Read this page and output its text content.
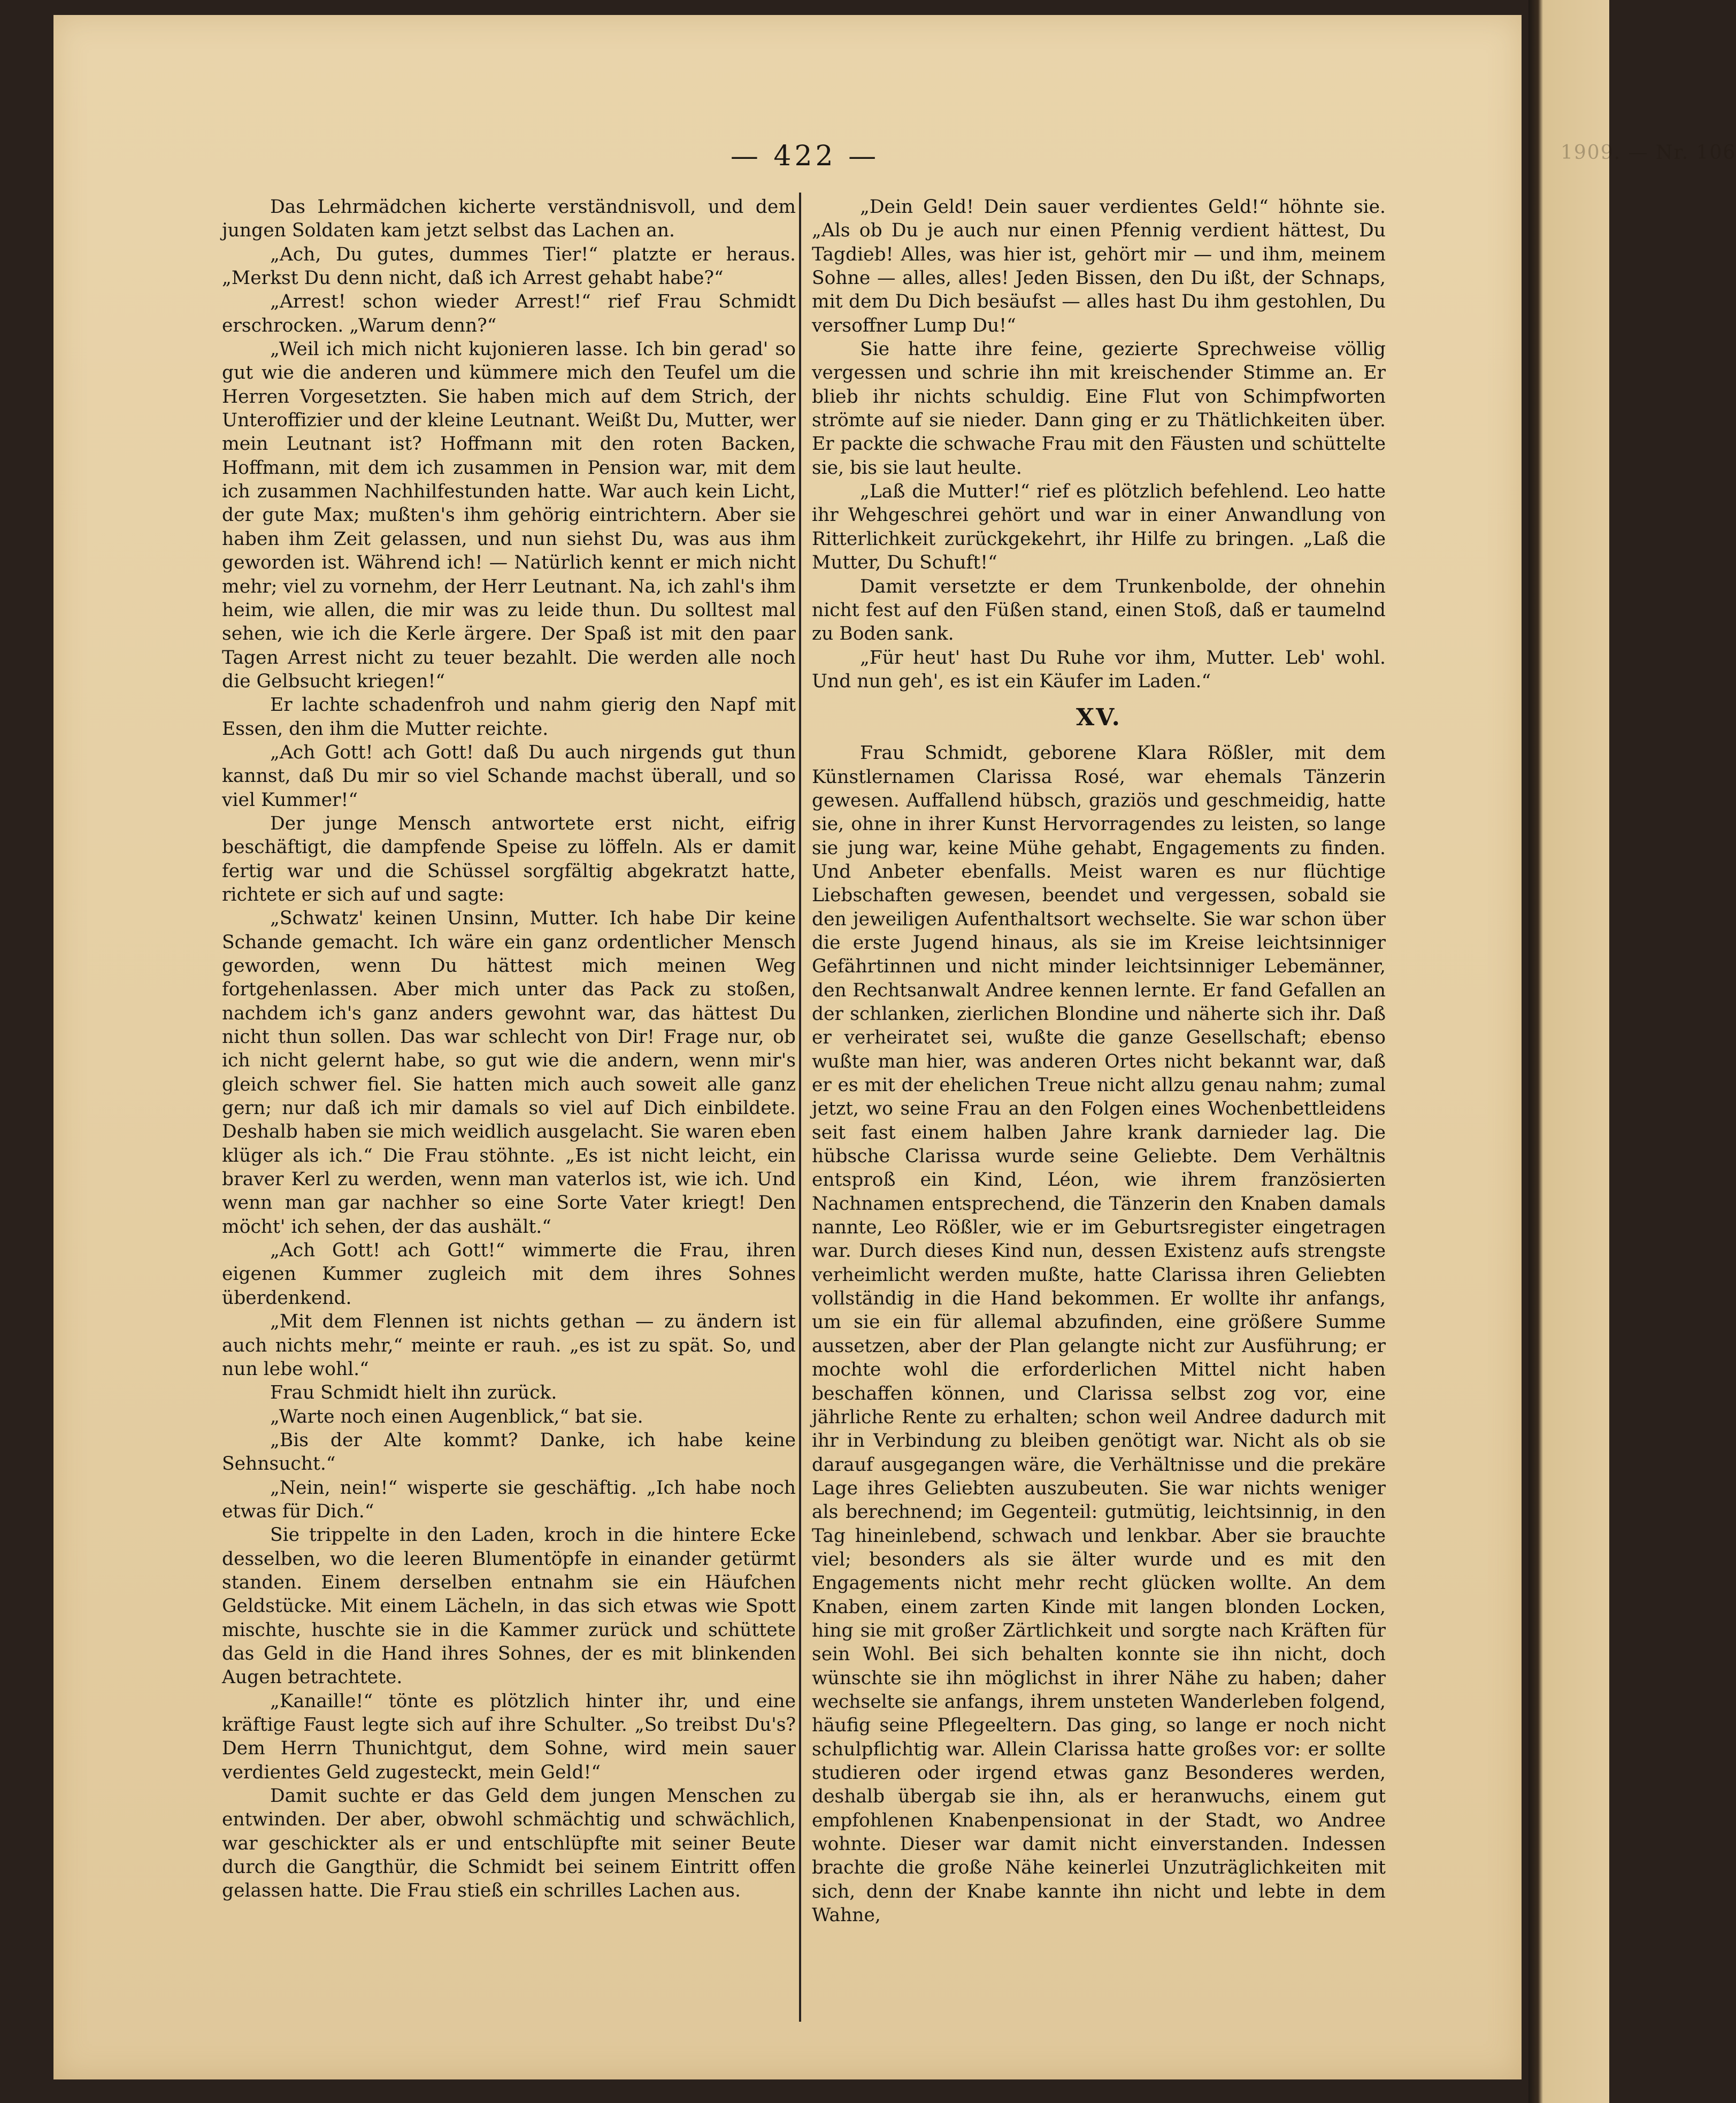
1909. — Nr. 106
— 422 —

Das Lehrmädchen kicherte verständnisvoll, und dem jungen Soldaten kam jetzt selbst das Lachen an.

„Ach, Du gutes, dummes Tier!“ platzte er heraus. „Merkst Du denn nicht, daß ich Arrest gehabt habe?“

„Arrest! schon wieder Arrest!“ rief Frau Schmidt erschrocken. „Warum denn?“

„Weil ich mich nicht kujonieren lasse. Ich bin gerad' so gut wie die anderen und kümmere mich den Teufel um die Herren Vorgesetzten. Sie haben mich auf dem Strich, der Unteroffizier und der kleine Leutnant. Weißt Du, Mutter, wer mein Leutnant ist? Hoffmann mit den roten Backen, Hoffmann, mit dem ich zusammen in Pension war, mit dem ich zusammen Nachhilfestunden hatte. War auch kein Licht, der gute Max; mußten's ihm gehörig eintrichtern. Aber sie haben ihm Zeit gelassen, und nun siehst Du, was aus ihm geworden ist. Während ich! — Natürlich kennt er mich nicht mehr; viel zu vornehm, der Herr Leutnant. Na, ich zahl's ihm heim, wie allen, die mir was zu leide thun. Du solltest mal sehen, wie ich die Kerle ärgere. Der Spaß ist mit den paar Tagen Arrest nicht zu teuer bezahlt. Die werden alle noch die Gelbsucht kriegen!“

Er lachte schadenfroh und nahm gierig den Napf mit Essen, den ihm die Mutter reichte.

„Ach Gott! ach Gott! daß Du auch nirgends gut thun kannst, daß Du mir so viel Schande machst überall, und so viel Kummer!“

Der junge Mensch antwortete erst nicht, eifrig beschäftigt, die dampfende Speise zu löffeln. Als er damit fertig war und die Schüssel sorgfältig abgekratzt hatte, richtete er sich auf und sagte:

„Schwatz' keinen Unsinn, Mutter. Ich habe Dir keine Schande gemacht. Ich wäre ein ganz ordentlicher Mensch geworden, wenn Du hättest mich meinen Weg fortgehenlassen. Aber mich unter das Pack zu stoßen, nachdem ich's ganz anders gewohnt war, das hättest Du nicht thun sollen. Das war schlecht von Dir! Frage nur, ob ich nicht gelernt habe, so gut wie die andern, wenn mir's gleich schwer fiel. Sie hatten mich auch soweit alle ganz gern; nur daß ich mir damals so viel auf Dich einbildete. Deshalb haben sie mich weidlich ausgelacht. Sie waren eben klüger als ich.“ Die Frau stöhnte. „Es ist nicht leicht, ein braver Kerl zu werden, wenn man vaterlos ist, wie ich. Und wenn man gar nachher so eine Sorte Vater kriegt! Den möcht' ich sehen, der das aushält.“

„Ach Gott! ach Gott!“ wimmerte die Frau, ihren eigenen Kummer zugleich mit dem ihres Sohnes überdenkend.

„Mit dem Flennen ist nichts gethan — zu ändern ist auch nichts mehr,“ meinte er rauh. „es ist zu spät. So, und nun lebe wohl.“

Frau Schmidt hielt ihn zurück.

„Warte noch einen Augenblick,“ bat sie.

„Bis der Alte kommt? Danke, ich habe keine Sehnsucht.“

„Nein, nein!“ wisperte sie geschäftig. „Ich habe noch etwas für Dich.“

Sie trippelte in den Laden, kroch in die hintere Ecke desselben, wo die leeren Blumentöpfe in einander getürmt standen. Einem derselben entnahm sie ein Häufchen Geldstücke. Mit einem Lächeln, in das sich etwas wie Spott mischte, huschte sie in die Kammer zurück und schüttete das Geld in die Hand ihres Sohnes, der es mit blinkenden Augen betrachtete.

„Kanaille!“ tönte es plötzlich hinter ihr, und eine kräftige Faust legte sich auf ihre Schulter. „So treibst Du's? Dem Herrn Thunichtgut, dem Sohne, wird mein sauer verdientes Geld zugesteckt, mein Geld!“

Damit suchte er das Geld dem jungen Menschen zu entwinden. Der aber, obwohl schmächtig und schwächlich, war geschickter als er und entschlüpfte mit seiner Beute durch die Gangthür, die Schmidt bei seinem Eintritt offen gelassen hatte. Die Frau stieß ein schrilles Lachen aus.

„Dein Geld! Dein sauer verdientes Geld!“ höhnte sie. „Als ob Du je auch nur einen Pfennig verdient hättest, Du Tagdieb! Alles, was hier ist, gehört mir — und ihm, meinem Sohne — alles, alles! Jeden Bissen, den Du ißt, der Schnaps, mit dem Du Dich besäufst — alles hast Du ihm gestohlen, Du versoffner Lump Du!“

Sie hatte ihre feine, gezierte Sprechweise völlig vergessen und schrie ihn mit kreischender Stimme an. Er blieb ihr nichts schuldig. Eine Flut von Schimpfworten strömte auf sie nieder. Dann ging er zu Thätlichkeiten über. Er packte die schwache Frau mit den Fäusten und schüttelte sie, bis sie laut heulte.

„Laß die Mutter!“ rief es plötzlich befehlend. Leo hatte ihr Wehgeschrei gehört und war in einer Anwandlung von Ritterlichkeit zurückgekehrt, ihr Hilfe zu bringen. „Laß die Mutter, Du Schuft!“

Damit versetzte er dem Trunkenbolde, der ohnehin nicht fest auf den Füßen stand, einen Stoß, daß er taumelnd zu Boden sank.

„Für heut' hast Du Ruhe vor ihm, Mutter. Leb' wohl. Und nun geh', es ist ein Käufer im Laden.“

XV.

Frau Schmidt, geborene Klara Rößler, mit dem Künstlernamen Clarissa Rosé, war ehemals Tänzerin gewesen. Auffallend hübsch, graziös und geschmeidig, hatte sie, ohne in ihrer Kunst Hervorragendes zu leisten, so lange sie jung war, keine Mühe gehabt, Engagements zu finden. Und Anbeter ebenfalls. Meist waren es nur flüchtige Liebschaften gewesen, beendet und vergessen, sobald sie den jeweiligen Aufenthaltsort wechselte. Sie war schon über die erste Jugend hinaus, als sie im Kreise leichtsinniger Gefährtinnen und nicht minder leichtsinniger Lebemänner, den Rechtsanwalt Andree kennen lernte. Er fand Gefallen an der schlanken, zierlichen Blondine und näherte sich ihr. Daß er verheiratet sei, wußte die ganze Gesellschaft; ebenso wußte man hier, was anderen Ortes nicht bekannt war, daß er es mit der ehelichen Treue nicht allzu genau nahm; zumal jetzt, wo seine Frau an den Folgen eines Wochenbettleidens seit fast einem halben Jahre krank darnieder lag. Die hübsche Clarissa wurde seine Geliebte. Dem Verhältnis entsproß ein Kind, Léon, wie ihrem französierten Nachnamen entsprechend, die Tänzerin den Knaben damals nannte, Leo Rößler, wie er im Geburtsregister eingetragen war. Durch dieses Kind nun, dessen Existenz aufs strengste verheimlicht werden mußte, hatte Clarissa ihren Geliebten vollständig in die Hand bekommen. Er wollte ihr anfangs, um sie ein für allemal abzufinden, eine größere Summe aussetzen, aber der Plan gelangte nicht zur Ausführung; er mochte wohl die erforderlichen Mittel nicht haben beschaffen können, und Clarissa selbst zog vor, eine jährliche Rente zu erhalten; schon weil Andree dadurch mit ihr in Verbindung zu bleiben genötigt war. Nicht als ob sie darauf ausgegangen wäre, die Verhältnisse und die prekäre Lage ihres Geliebten auszubeuten. Sie war nichts weniger als berechnend; im Gegenteil: gutmütig, leichtsinnig, in den Tag hineinlebend, schwach und lenkbar. Aber sie brauchte viel; besonders als sie älter wurde und es mit den Engagements nicht mehr recht glücken wollte. An dem Knaben, einem zarten Kinde mit langen blonden Locken, hing sie mit großer Zärtlichkeit und sorgte nach Kräften für sein Wohl. Bei sich behalten konnte sie ihn nicht, doch wünschte sie ihn möglichst in ihrer Nähe zu haben; daher wechselte sie anfangs, ihrem unsteten Wanderleben folgend, häufig seine Pflegeeltern. Das ging, so lange er noch nicht schulpflichtig war. Allein Clarissa hatte großes vor: er sollte studieren oder irgend etwas ganz Besonderes werden, deshalb übergab sie ihn, als er heranwuchs, einem gut empfohlenen Knabenpensionat in der Stadt, wo Andree wohnte. Dieser war damit nicht einverstanden. Indessen brachte die große Nähe keinerlei Unzuträglichkeiten mit sich, denn der Knabe kannte ihn nicht und lebte in dem Wahne,
